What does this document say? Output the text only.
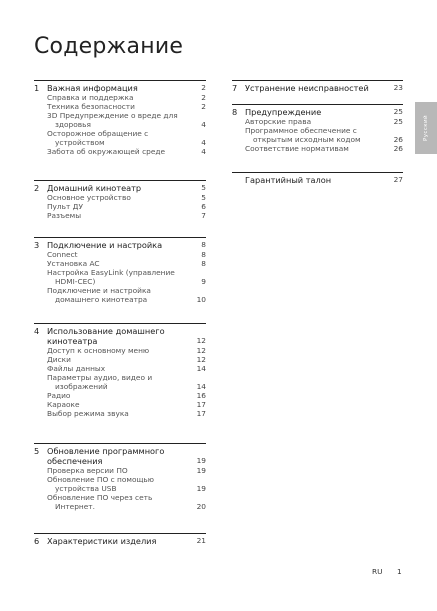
Содержание
1 Важная информация	2
Справка и поддержка	2
Техника безопасности	2
3D Предупреждение о вреде для
здоровья	4
Осторожное обращение с
устройством	4
Забота об окружающей среде	4
2 Домашний кинотеатр	5
Основное устройство	5
Пульт ДУ	6
Разъемы	7
3 Подключение и настройка	8
Connect	8
Установка AC	8
Настройка EasyLink (управление
HDMI-CEC)	9
Подключение и настройка
домашнего кинотеатра	10
4 Использование домашнего
кинотеатра	12
Доступ к основному меню	12
Диски	12
Файлы данных	14
Параметры аудио, видео и
изображений	14
Радио	16
Караоке	17
Выбор режима звука	17
5 Обновление программного
обеспечения	19
Проверка версии ПО	19
Обновление ПО с помощью
устройства USB	19
Обновление ПО через сеть
Интернет.	20
6 Характеристики изделия	21
7 Устранение неисправностей	23
8 Предупреждение	25
Авторские права	25
Программное обеспечение с
открытым исходным кодом	26
Соответствие нормативам	26
Гарантийный талон	27
Русский
RU 1
